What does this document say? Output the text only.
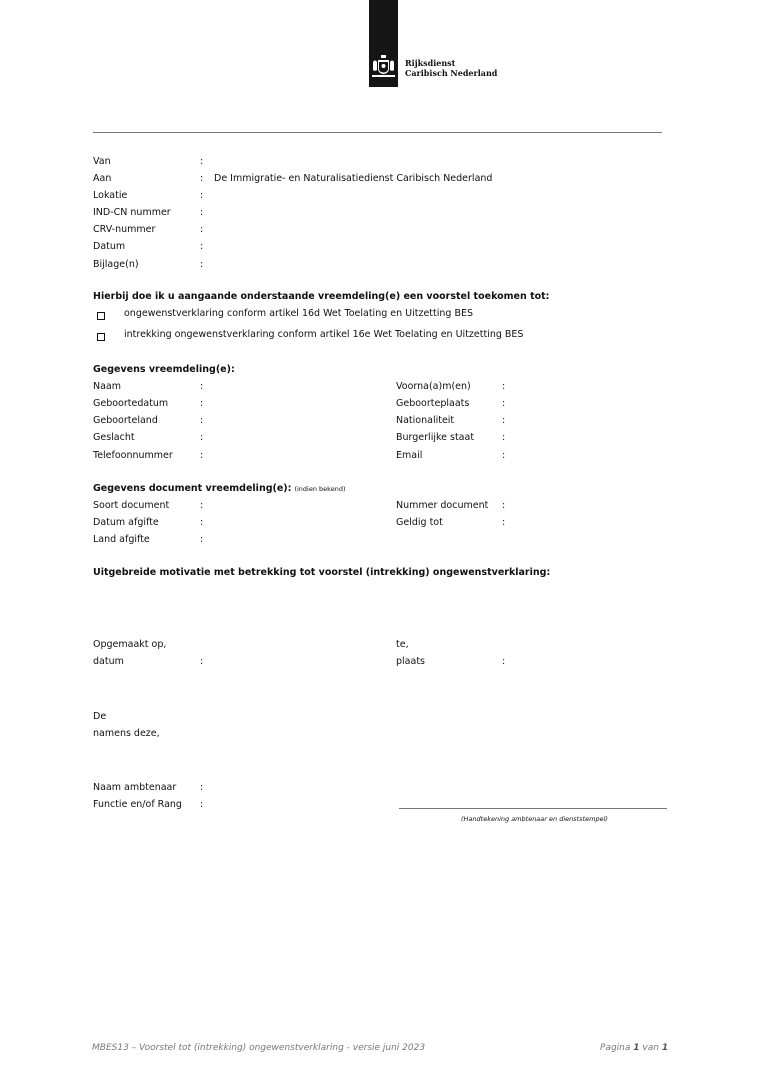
Rijksdienst
Caribisch Nederland
Van	:
Aan	: De Immigratie- en Naturalisatiedienst Caribisch Nederland
Lokatie	:
IND-CN nummer	:
CRV-nummer	:
Datum	:
Bijlage(n)	:
Hierbij doe ik u aangaande onderstaande vreemdeling(e) een voorstel toekomen tot:
ongewenstverklaring conform artikel 16d Wet Toelating en Uitzetting BES
intrekking ongewenstverklaring conform artikel 16e Wet Toelating en Uitzetting BES
Gegevens vreemdeling(e):
Naam	:	Voorna(a)m(en)	:
Geboortedatum	:	Geboorteplaats	:
Geboorteland	:	Nationaliteit	:
Geslacht	:	Burgerlijke staat	:
Telefoonnummer	:	Email	:
Gegevens document vreemdeling(e): (indien bekend)
Soort document	:	Nummer document :
Datum afgifte	:	Geldig tot	:
Land afgifte	:
Uitgebreide motivatie met betrekking tot voorstel (intrekking) ongewenstverklaring:
Opgemaakt op,	te,
datum	:	plaats	:
De
namens deze,
Naam ambtenaar :
Functie en/of Rang :
(Handtekening ambtenaar en dienststempel)
MBES13 – Voorstel tot (intrekking) ongewenstverklaring - versie juni 2023	Pagina 1 van 1
